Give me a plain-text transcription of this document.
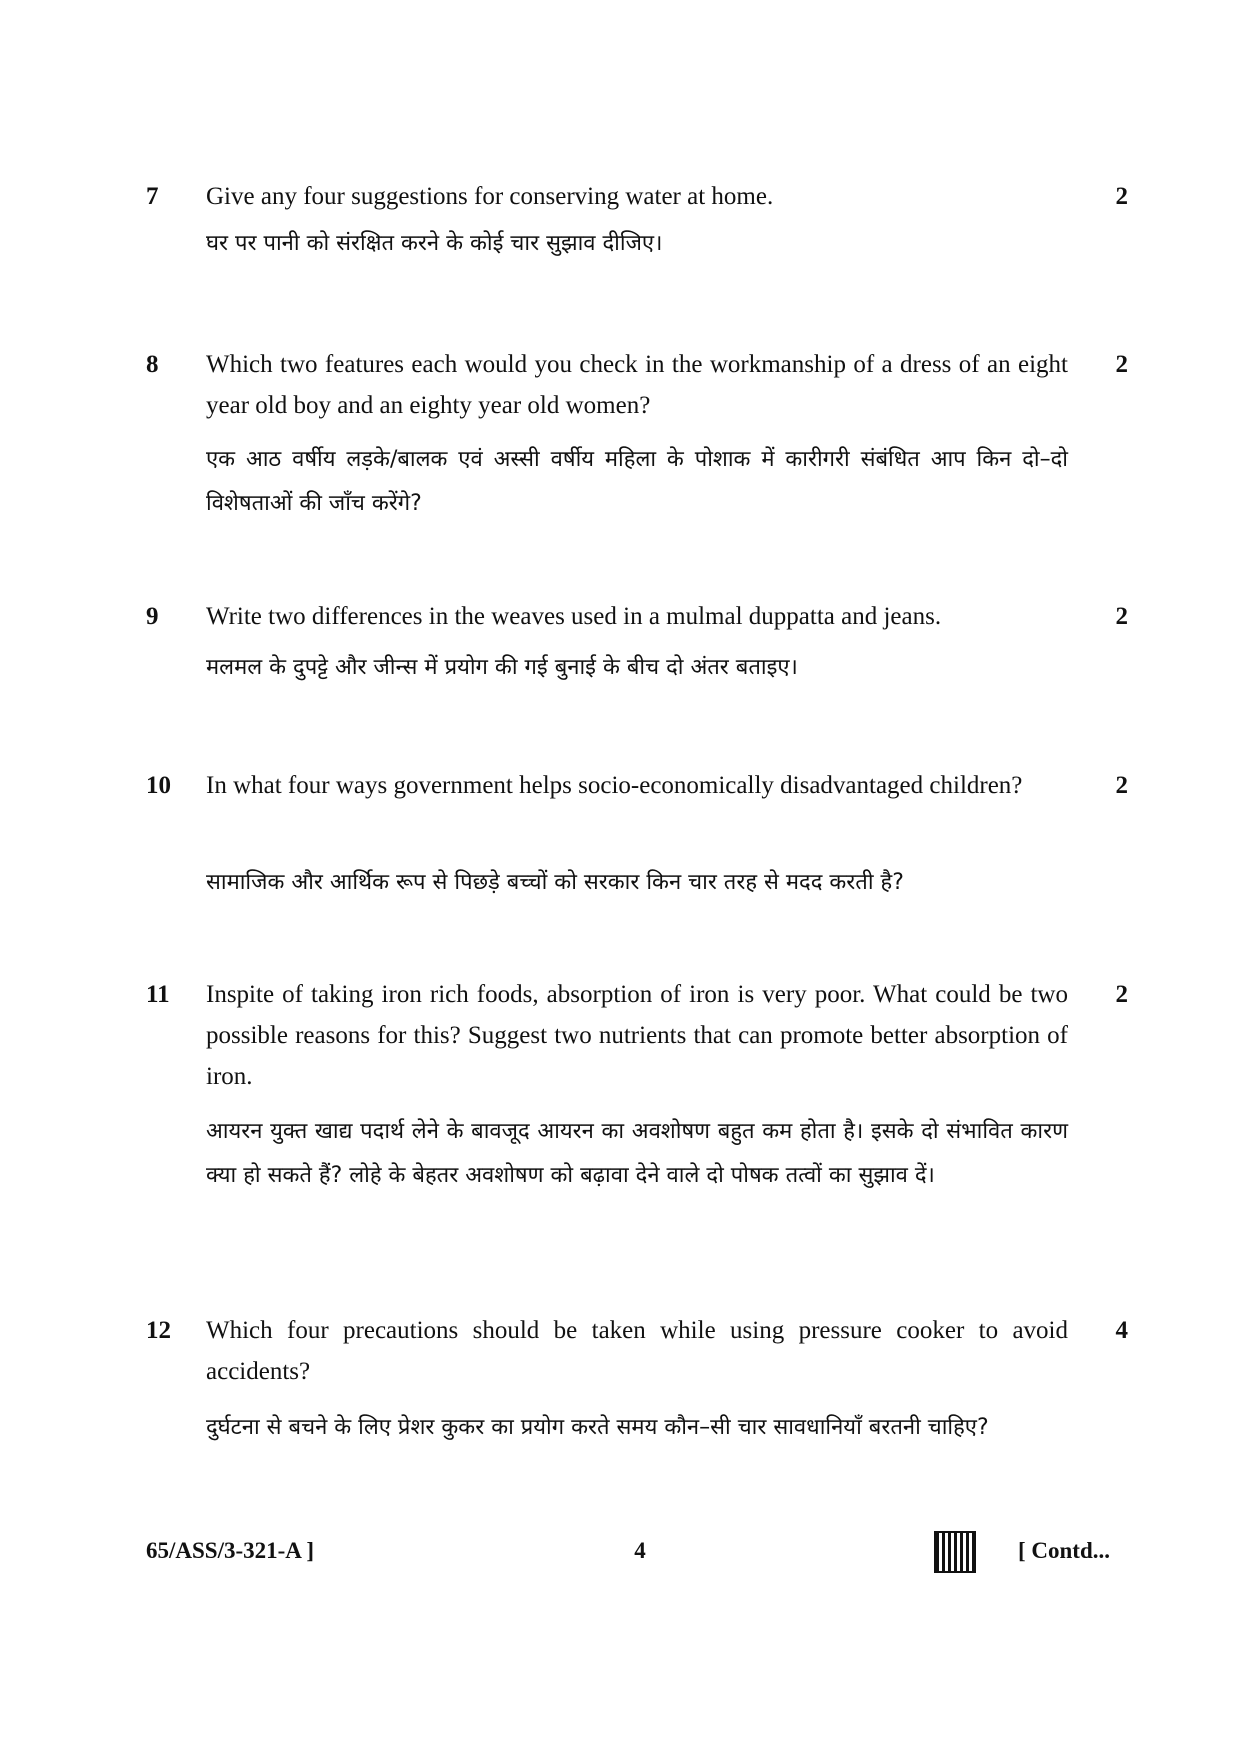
7 Give any four suggestions for conserving water at home.
घर पर पानी को संरक्षित करने के कोई चार सुझाव दीजिए।
2
8 Which two features each would you check in the workmanship of a dress of an eight year old boy and an eighty year old women?
एक आठ वर्षीय लड़के/बालक एवं अस्सी वर्षीय महिला के पोशाक में कारीगरी संबंधित आप किन दो–दो विशेषताओं की जाँच करेंगे?
2
9 Write two differences in the weaves used in a mulmal duppatta and jeans.
मलमल के दुपट्टे और जीन्स में प्रयोग की गई बुनाई के बीच दो अंतर बताइए।
2
10 In what four ways government helps socio-economically disadvantaged children?
सामाजिक और आर्थिक रूप से पिछड़े बच्चों को सरकार किन चार तरह से मदद करती है?
2
11 Inspite of taking iron rich foods, absorption of iron is very poor. What could be two possible reasons for this? Suggest two nutrients that can promote better absorption of iron.
आयरन युक्त खाद्य पदार्थ लेने के बावजूद आयरन का अवशोषण बहुत कम होता है। इसके दो संभावित कारण क्या हो सकते हैं? लोहे के बेहतर अवशोषण को बढ़ावा देने वाले दो पोषक तत्वों का सुझाव दें।
2
12 Which four precautions should be taken while using pressure cooker to avoid accidents?
दुर्घटना से बचने के लिए प्रेशर कुकर का प्रयोग करते समय कौन–सी चार सावधानियाँ बरतनी चाहिए?
4
65/ASS/3-321-A ]	4	[ Contd...
